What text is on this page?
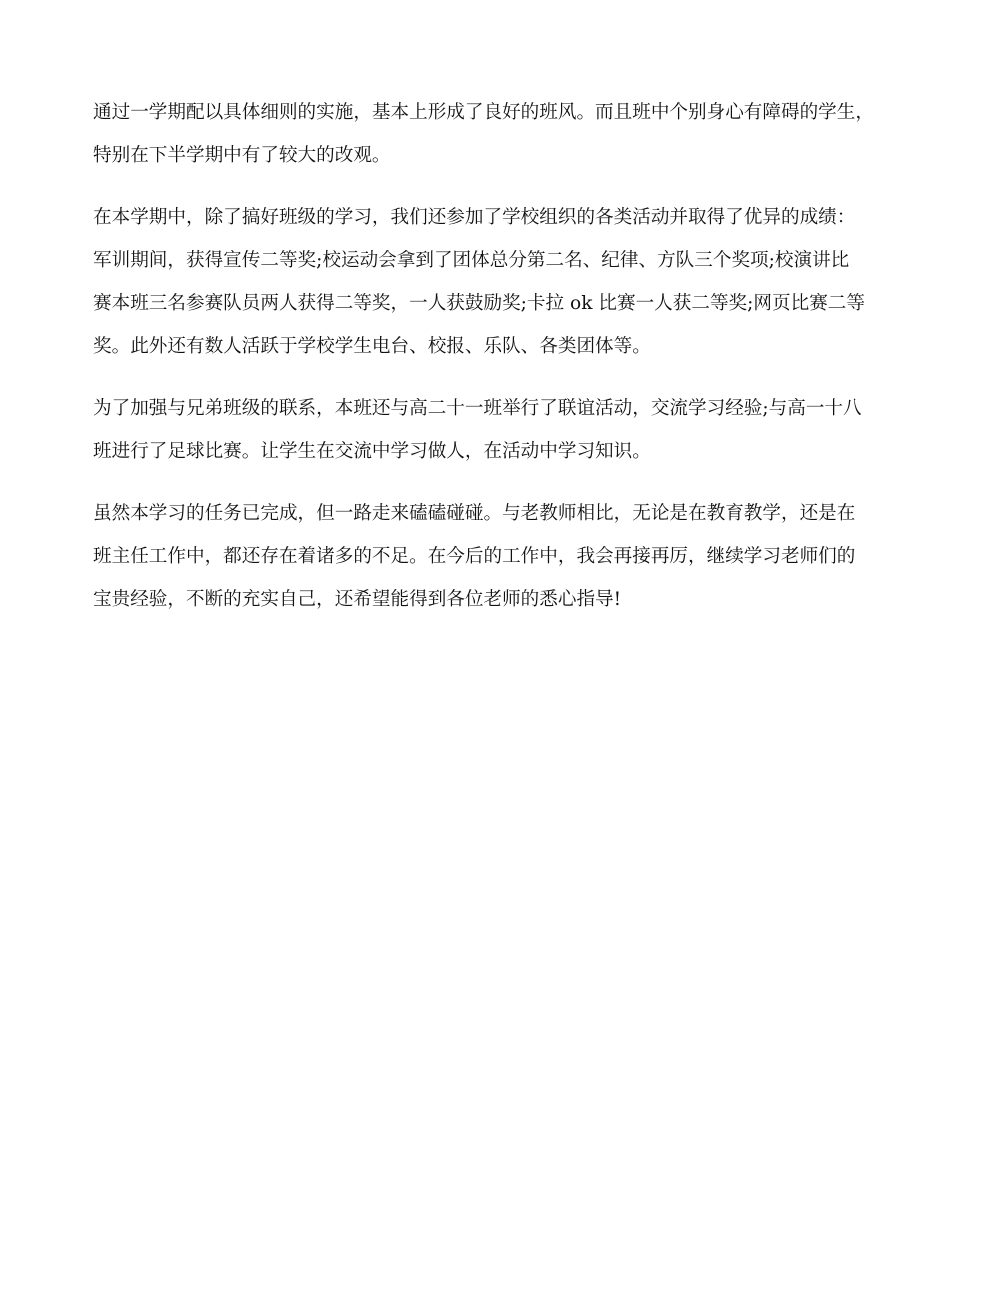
通过一学期配以具体细则的实施，基本上形成了良好的班风。而且班中个别身心有障碍的学生，
特别在下半学期中有了较大的改观。
在本学期中，除了搞好班级的学习，我们还参加了学校组织的各类活动并取得了优异的成绩：
军训期间，获得宣传二等奖;校运动会拿到了团体总分第二名、纪律、方队三个奖项;校演讲比
赛本班三名参赛队员两人获得二等奖，一人获鼓励奖;卡拉 ok 比赛一人获二等奖;网页比赛二等
奖。此外还有数人活跃于学校学生电台、校报、乐队、各类团体等。
为了加强与兄弟班级的联系，本班还与高二十一班举行了联谊活动，交流学习经验;与高一十八
班进行了足球比赛。让学生在交流中学习做人，在活动中学习知识。
虽然本学习的任务已完成，但一路走来磕磕碰碰。与老教师相比，无论是在教育教学，还是在
班主任工作中，都还存在着诸多的不足。在今后的工作中，我会再接再厉，继续学习老师们的
宝贵经验，不断的充实自己，还希望能得到各位老师的悉心指导!
